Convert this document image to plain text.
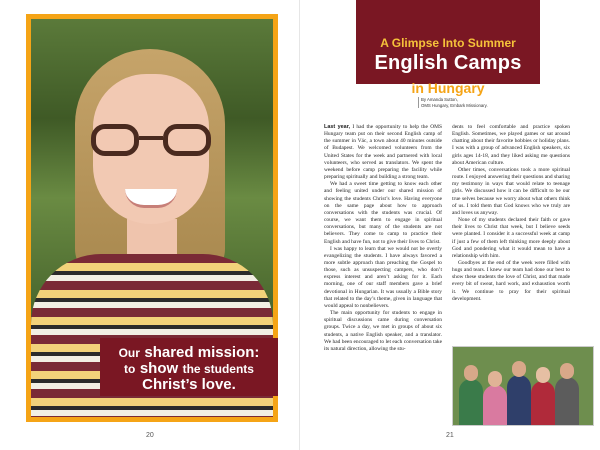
Our shared mission:
to show the students
Christ’s love.
20
A Glimpse Into Summer
English Camps
in Hungary
By Amanda Sutton,
OMS Hungary, Embark Missionary.

Last year, I had the opportunity to help the OMS Hungary team put on their second English camp of the summer in Vác, a town about 40 minutes outside of Budapest. We welcomed volunteers from the United States for the week and partnered with local volunteers, who served as translators. We spent the weekend before camp preparing the facility while preparing spiritually and building a strong team.

We had a sweet time getting to know each other and feeling united under our shared mission of showing the students Christ’s love. Having everyone on the same page about how to approach conversations with the students was crucial. Of course, we want them to engage in spiritual conversations, but many of the students are not believers. They come to camp to practice their English and have fun, not to give their lives to Christ.

I was happy to learn that we would not be overtly evangelizing the students. I have always favored a more subtle approach than preaching the Gospel to those, such as unsuspecting campers, who don’t express interest and aren’t asking for it. Each morning, one of our staff members gave a brief devotional in Hungarian. It was usually a Bible story that related to the day’s theme, given in language that would appeal to nonbelievers.

The main opportunity for students to engage in spiritual discussions came during conversation groups. Twice a day, we met in groups of about six students, a native English speaker, and a translator. We had been encouraged to let each conversation take its natural direction, allowing the stu-

dents to feel comfortable and practice spoken English. Sometimes, we played games or sat around chatting about their favorite hobbies or holiday plans. I was with a group of advanced English speakers, six girls ages 14-18, and they liked asking me questions about American culture.

Other times, conversations took a more spiritual route. I enjoyed answering their questions and sharing my testimony in ways that would relate to teenage girls. We discussed how it can be difficult to be our true selves because we worry about what others think of us. I told them that God knows who we truly are and loves us anyway.

None of my students declared their faith or gave their lives to Christ that week, but I believe seeds were planted. I consider it a successful week at camp if just a few of them left thinking more deeply about God and pondering what it would mean to have a relationship with him.

Goodbyes at the end of the week were filled with hugs and tears. I knew our team had done our best to show these students the love of Christ, and that made every bit of sweat, hard work, and exhaustion worth it. We continue to pray for their spiritual development.

21
